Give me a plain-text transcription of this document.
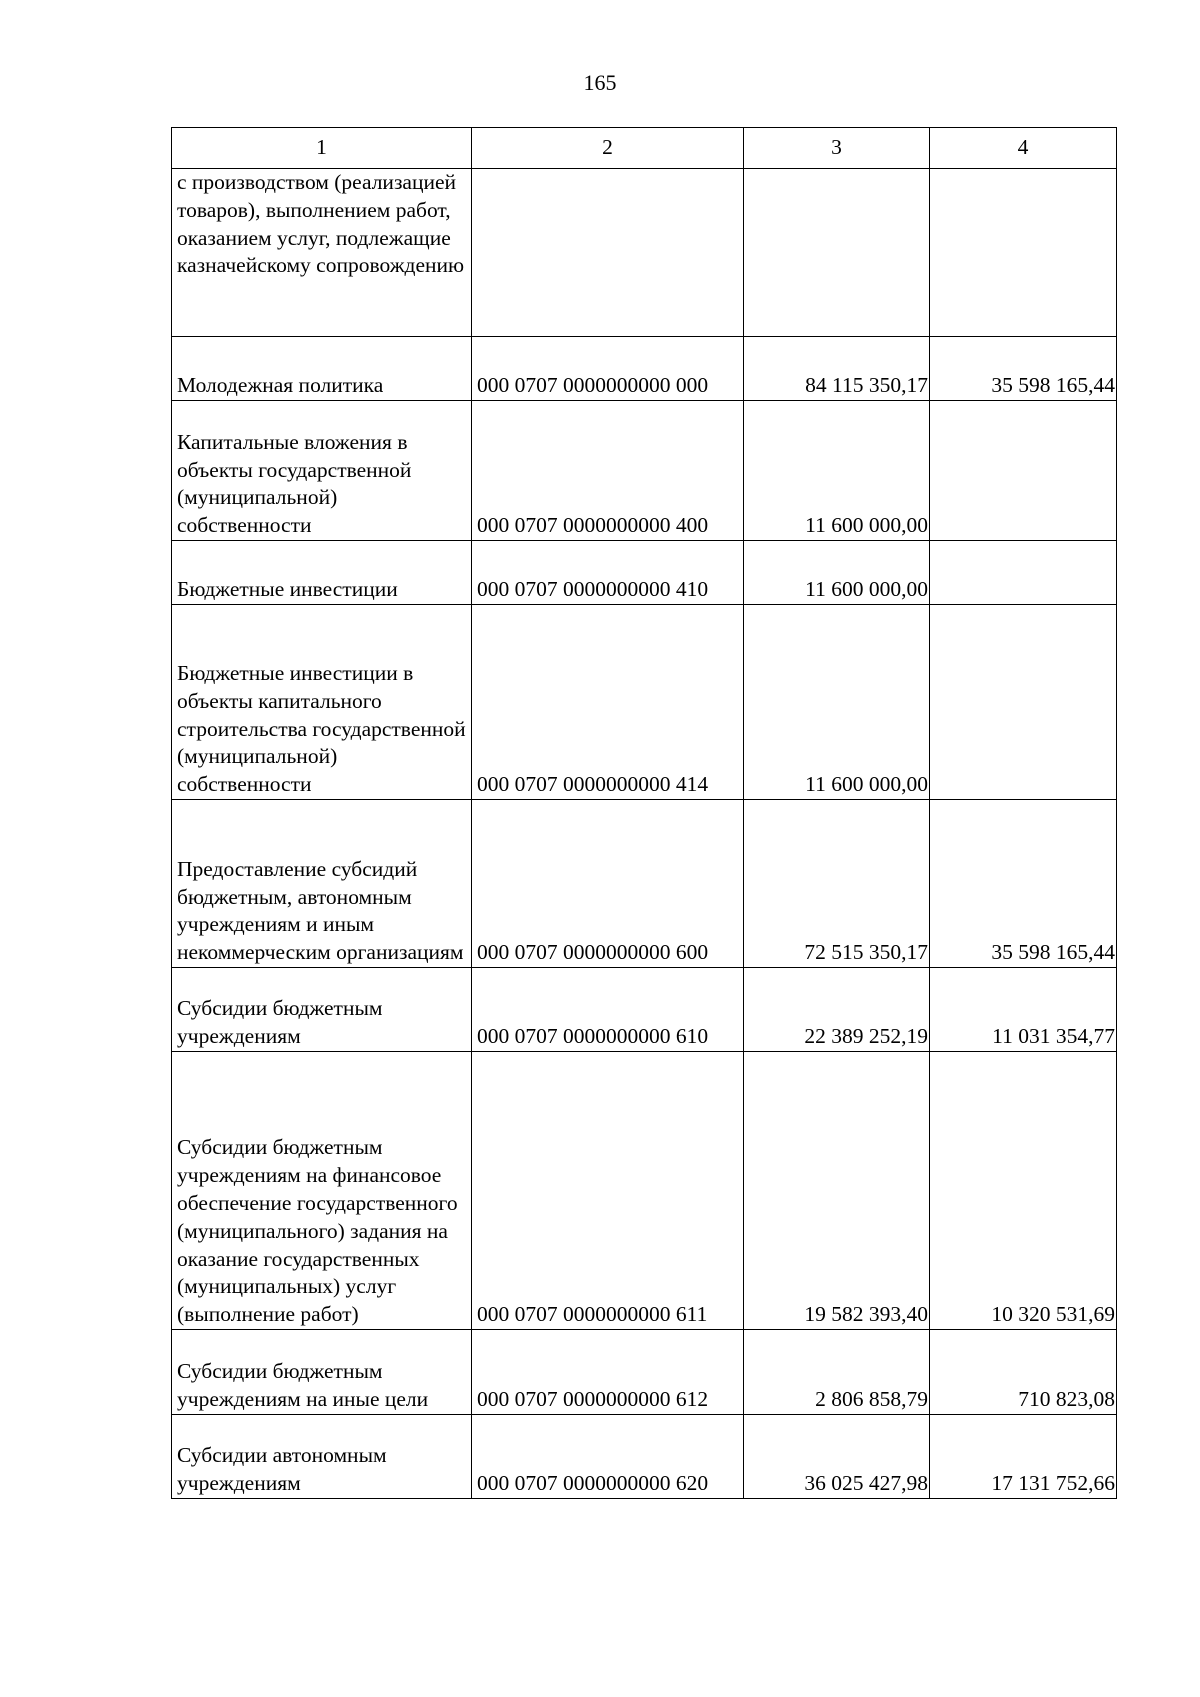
165
1	2	3	4
с производством (реализацией товаров), выполнением работ, оказанием услуг, подлежащие казначейскому сопровождению			
Молодежная политика	000 0707 0000000000 000	84 115 350,17	35 598 165,44
Капитальные вложения в объекты государственной (муниципальной) собственности	000 0707 0000000000 400	11 600 000,00	
Бюджетные инвестиции	000 0707 0000000000 410	11 600 000,00	
Бюджетные инвестиции в объекты капитального строительства государственной (муниципальной) собственности	000 0707 0000000000 414	11 600 000,00	
Предоставление субсидий бюджетным, автономным учреждениям и иным некоммерческим организациям	000 0707 0000000000 600	72 515 350,17	35 598 165,44
Субсидии бюджетным учреждениям	000 0707 0000000000 610	22 389 252,19	11 031 354,77
Субсидии бюджетным учреждениям на финансовое обеспечение государственного (муниципального) задания на оказание государственных (муниципальных) услуг (выполнение работ)	000 0707 0000000000 611	19 582 393,40	10 320 531,69
Субсидии бюджетным учреждениям на иные цели	000 0707 0000000000 612	2 806 858,79	710 823,08
Субсидии автономным учреждениям	000 0707 0000000000 620	36 025 427,98	17 131 752,66
